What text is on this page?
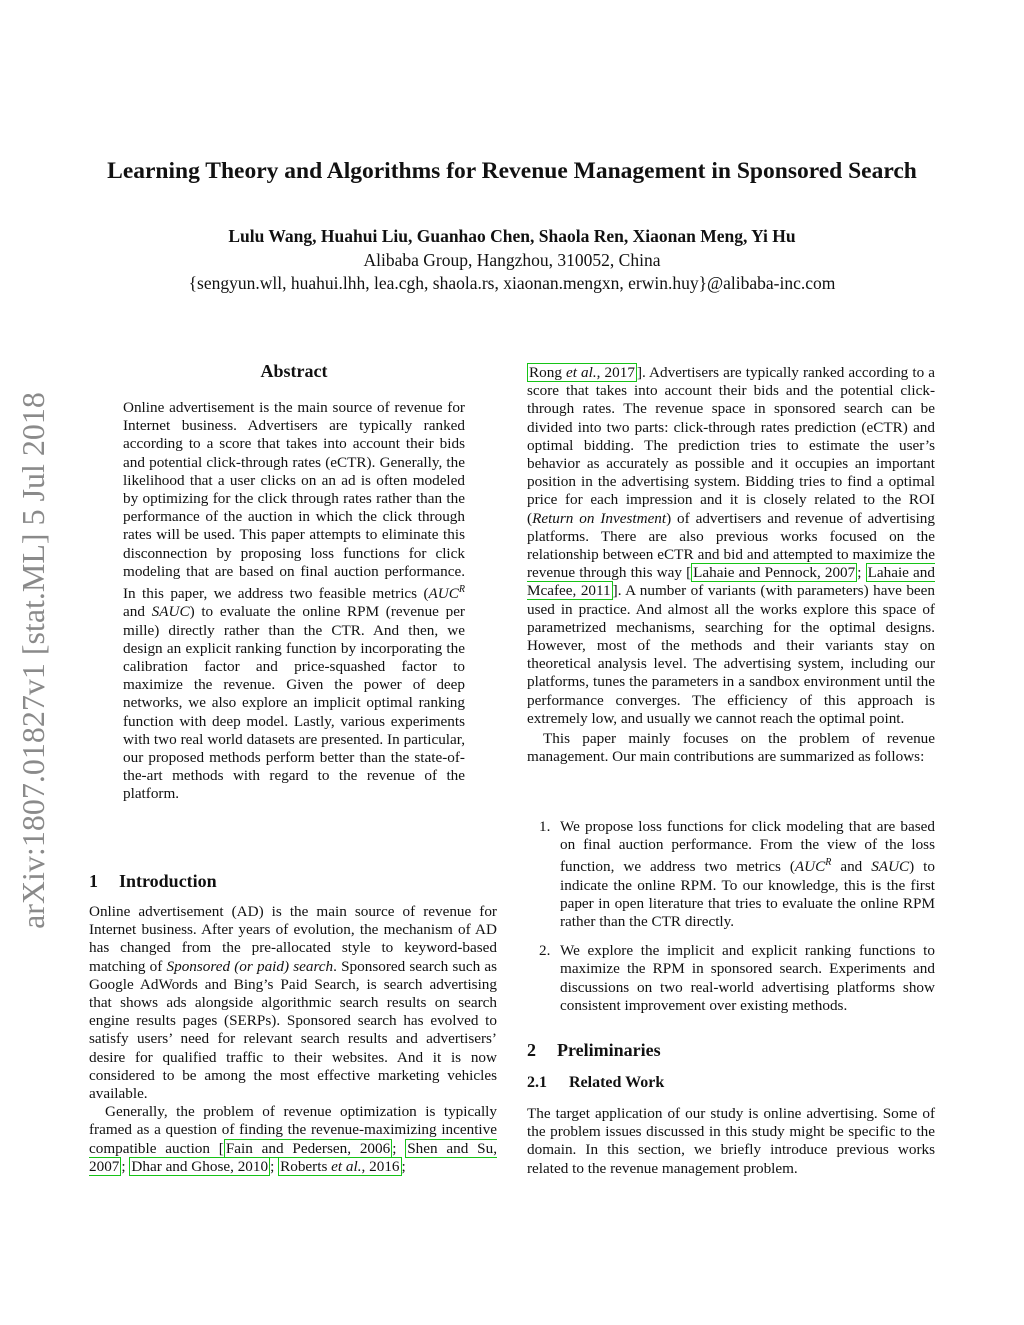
arXiv:1807.01827v1 [stat.ML] 5 Jul 2018
Learning Theory and Algorithms for Revenue Management in Sponsored Search
Lulu Wang, Huahui Liu, Guanhao Chen, Shaola Ren, Xiaonan Meng, Yi Hu
Alibaba Group, Hangzhou, 310052, China
{sengyun.wll, huahui.lhh, lea.cgh, shaola.rs, xiaonan.mengxn, erwin.huy}@alibaba-inc.com
Abstract
Online advertisement is the main source of revenue for Internet business. Advertisers are typically ranked according to a score that takes into account their bids and potential click-through rates (eCTR). Generally, the likelihood that a user clicks on an ad is often modeled by optimizing for the click through rates rather than the performance of the auction in which the click through rates will be used. This paper attempts to eliminate this disconnection by proposing loss functions for click modeling that are based on final auction performance. In this paper, we address two feasible metrics ($AUC^R$ and SAUC) to evaluate the online RPM (revenue per mille) directly rather than the CTR. And then, we design an explicit ranking function by incorporating the calibration factor and price-squashed factor to maximize the revenue. Given the power of deep networks, we also explore an implicit optimal ranking function with deep model. Lastly, various experiments with two real world datasets are presented. In particular, our proposed methods perform better than the state-of-the-art methods with regard to the revenue of the platform.
1 Introduction

Online advertisement (AD) is the main source of revenue for Internet business. After years of evolution, the mechanism of AD has changed from the pre-allocated style to keyword-based matching of Sponsored (or paid) search. Sponsored search such as Google AdWords and Bing’s Paid Search, is search advertising that shows ads alongside algorithmic search results on search engine results pages (SERPs). Sponsored search has evolved to satisfy users’ need for relevant search results and advertisers’ desire for qualified traffic to their websites. And it is now considered to be among the most effective marketing vehicles available.

Generally, the problem of revenue optimization is typically framed as a question of finding the revenue-maximizing incentive compatible auction [ Fain and Pedersen, 2006 ; Shen and Su, 2007 ; Dhar and Ghose, 2010 ; Roberts et al., 2016 ;

Rong et al., 2017 ]. Advertisers are typically ranked according to a score that takes into account their bids and the potential click-through rates. The revenue space in sponsored search can be divided into two parts: click-through rates prediction (eCTR) and optimal bidding. The prediction tries to estimate the user’s behavior as accurately as possible and it occupies an important position in the advertising system. Bidding tries to find a optimal price for each impression and it is closely related to the ROI (Return on Investment) of advertisers and revenue of advertising platforms. There are also previous works focused on the relationship between eCTR and bid and attempted to maximize the revenue through this way [ Lahaie and Pennock, 2007 ; Lahaie and Mcafee, 2011 ]. A number of variants (with parameters) have been used in practice. And almost all the works explore this space of parametrized mechanisms, searching for the optimal designs. However, most of the methods and their variants stay on theoretical analysis level. The advertising system, including our platforms, tunes the parameters in a sandbox environment until the performance converges. The efficiency of this approach is extremely low, and usually we cannot reach the optimal point.

This paper mainly focuses on the problem of revenue management. Our main contributions are summarized as follows:

1. We propose loss functions for click modeling that are based on final auction performance. From the view of the loss function, we address two metrics ($AUC^R$ and SAUC) to indicate the online RPM. To our knowledge, this is the first paper in open literature that tries to evaluate the online RPM rather than the CTR directly.
2. We explore the implicit and explicit ranking functions to maximize the RPM in sponsored search. Experiments and discussions on two real-world advertising platforms show consistent improvement over existing methods.
2 Preliminaries
2.1 Related Work
The target application of our study is online advertising. Some of the problem issues discussed in this study might be specific to the domain. In this section, we briefly introduce previous works related to the revenue management problem.
